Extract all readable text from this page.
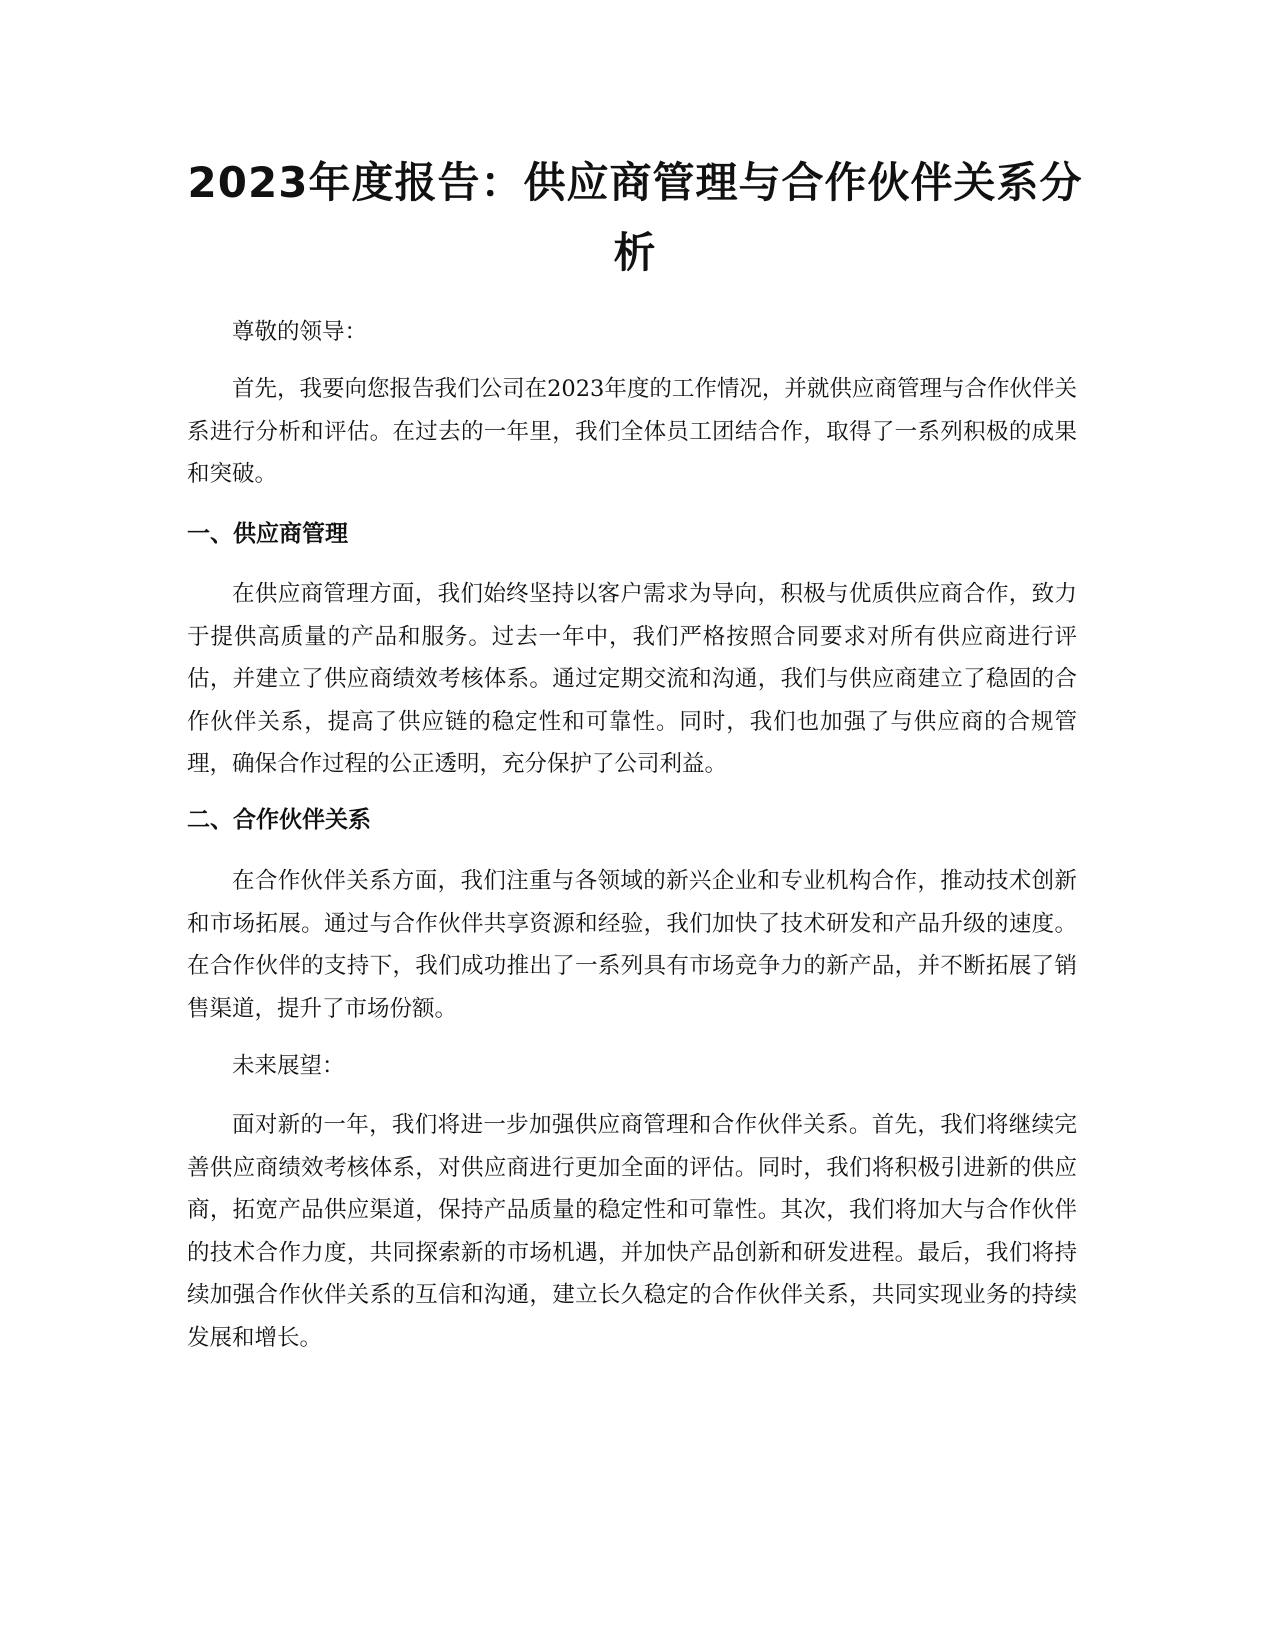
2023年度报告：供应商管理与合作伙伴关系分析

尊敬的领导：

首先，我要向您报告我们公司在2023年度的工作情况，并就供应商管理与合作伙伴关系进行分析和评估。在过去的一年里，我们全体员工团结合作，取得了一系列积极的成果和突破。

一、供应商管理

在供应商管理方面，我们始终坚持以客户需求为导向，积极与优质供应商合作，致力于提供高质量的产品和服务。过去一年中，我们严格按照合同要求对所有供应商进行评估，并建立了供应商绩效考核体系。通过定期交流和沟通，我们与供应商建立了稳固的合作伙伴关系，提高了供应链的稳定性和可靠性。同时，我们也加强了与供应商的合规管理，确保合作过程的公正透明，充分保护了公司利益。

二、合作伙伴关系

在合作伙伴关系方面，我们注重与各领域的新兴企业和专业机构合作，推动技术创新和市场拓展。通过与合作伙伴共享资源和经验，我们加快了技术研发和产品升级的速度。在合作伙伴的支持下，我们成功推出了一系列具有市场竞争力的新产品，并不断拓展了销售渠道，提升了市场份额。

未来展望：

面对新的一年，我们将进一步加强供应商管理和合作伙伴关系。首先，我们将继续完善供应商绩效考核体系，对供应商进行更加全面的评估。同时，我们将积极引进新的供应商，拓宽产品供应渠道，保持产品质量的稳定性和可靠性。其次，我们将加大与合作伙伴的技术合作力度，共同探索新的市场机遇，并加快产品创新和研发进程。最后，我们将持续加强合作伙伴关系的互信和沟通，建立长久稳定的合作伙伴关系，共同实现业务的持续发展和增长。
